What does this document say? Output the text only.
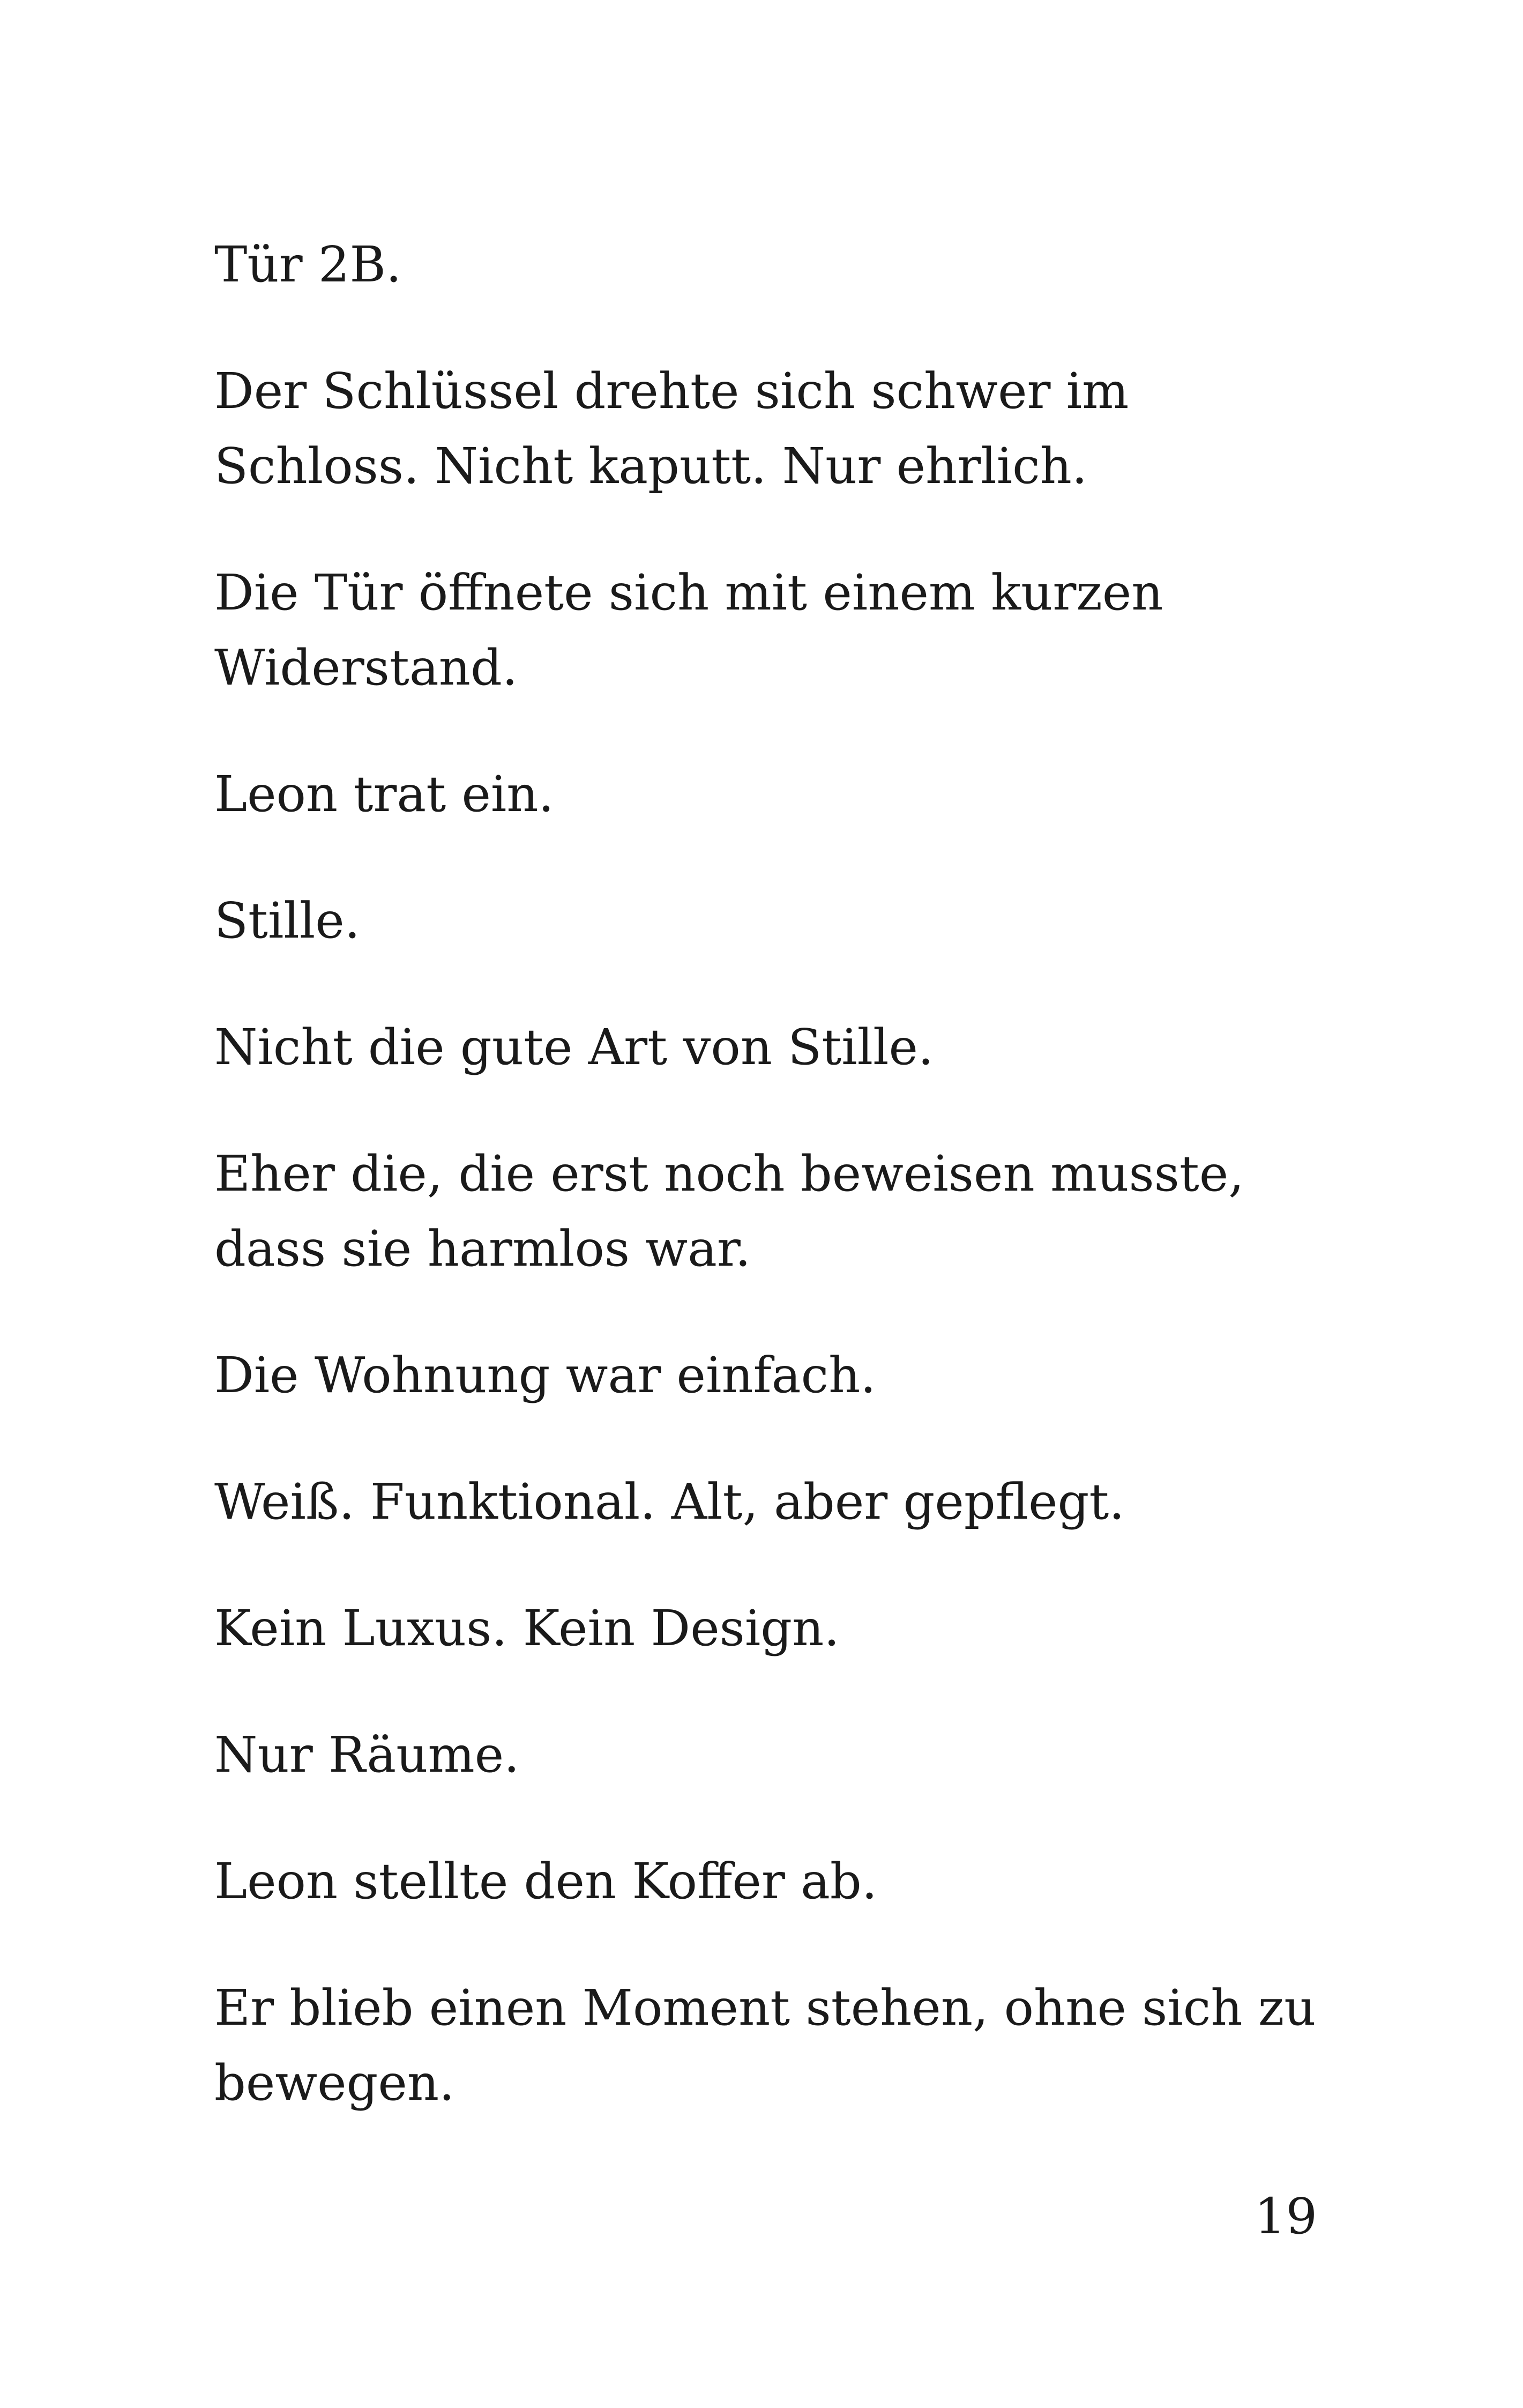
Tür 2B.

Der Schlüssel drehte sich schwer im Schloss. Nicht kaputt. Nur ehrlich.

Die Tür öffnete sich mit einem kurzen Widerstand.

Leon trat ein.

Stille.

Nicht die gute Art von Stille.

Eher die, die erst noch beweisen musste, dass sie harmlos war.

Die Wohnung war einfach.

Weiß. Funktional. Alt, aber gepflegt.

Kein Luxus. Kein Design.

Nur Räume.

Leon stellte den Koffer ab.

Er blieb einen Moment stehen, ohne sich zu bewegen.

19
